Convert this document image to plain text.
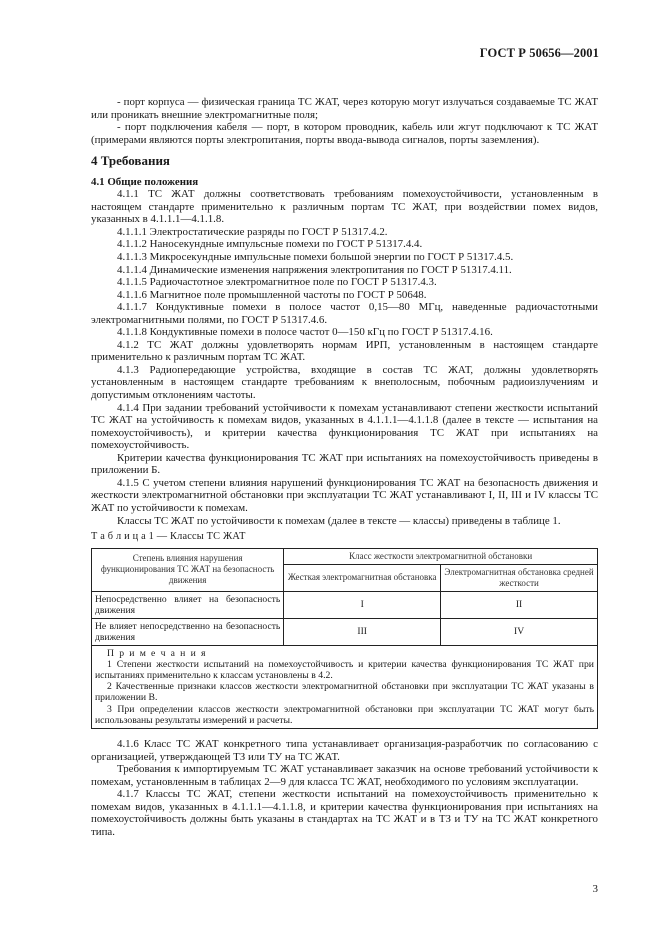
ГОСТ Р 50656—2001

- порт корпуса — физическая граница ТС ЖАТ, через которую могут излучаться создаваемые ТС ЖАТ или проникать внешние электромагнитные поля;

- порт подключения кабеля — порт, в котором проводник, кабель или жгут подключают к ТС ЖАТ (примерами являются порты электропитания, порты ввода-вывода сигналов, порты заземления).

4 Требования

4.1 Общие положения

4.1.1 ТС ЖАТ должны соответствовать требованиям помехоустойчивости, установленным в настоящем стандарте применительно к различным портам ТС ЖАТ, при воздействии помех видов, указанных в 4.1.1.1—4.1.1.8.

4.1.1.1 Электростатические разряды по ГОСТ Р 51317.4.2.

4.1.1.2 Наносекундные импульсные помехи по ГОСТ Р 51317.4.4.

4.1.1.3 Микросекундные импульсные помехи большой энергии по ГОСТ Р 51317.4.5.

4.1.1.4 Динамические изменения напряжения электропитания по ГОСТ Р 51317.4.11.

4.1.1.5 Радиочастотное электромагнитное поле по ГОСТ Р 51317.4.3.

4.1.1.6 Магнитное поле промышленной частоты по ГОСТ Р 50648.

4.1.1.7 Кондуктивные помехи в полосе частот 0,15—80 МГц, наведенные радиочастотными электромагнитными полями, по ГОСТ Р 51317.4.6.

4.1.1.8 Кондуктивные помехи в полосе частот 0—150 кГц по ГОСТ Р 51317.4.16.

4.1.2 ТС ЖАТ должны удовлетворять нормам ИРП, установленным в настоящем стандарте применительно к различным портам ТС ЖАТ.

4.1.3 Радиопередающие устройства, входящие в состав ТС ЖАТ, должны удовлетворять установленным в настоящем стандарте требованиям к внеполосным, побочным радиоизлучениям и допустимым отклонениям частоты.

4.1.4 При задании требований устойчивости к помехам устанавливают степени жесткости испытаний ТС ЖАТ на устойчивость к помехам видов, указанных в 4.1.1.1—4.1.1.8 (далее в тексте — испытания на помехоустойчивость), и критерии качества функционирования ТС ЖАТ при испытаниях на помехоустойчивость.

Критерии качества функционирования ТС ЖАТ при испытаниях на помехоустойчивость приведены в приложении Б.

4.1.5 С учетом степени влияния нарушений функционирования ТС ЖАТ на безопасность движения и жесткости электромагнитной обстановки при эксплуатации ТС ЖАТ устанавливают I, II, III и IV классы ТС ЖАТ по устойчивости к помехам.

Классы ТС ЖАТ по устойчивости к помехам (далее в тексте — классы) приведены в таблице 1.

Т а б л и ц а 1 — Классы ТС ЖАТ

Степень влияния нарушения функционирования ТС ЖАТ на безопасность движения	Класс жесткости электромагнитной обстановки	
	Жесткая электромагнитная обстановка	Электромагнитная обстановка средней жесткости
Непосредственно влияет на безопасность движения	I	II
Не влияет непосредственно на безопасность движения	III	IV

П р и м е ч а н и я
1 Степени жесткости испытаний на помехоустойчивость и критерии качества функционирования ТС ЖАТ при испытаниях применительно к классам установлены в 4.2.
2 Качественные признаки классов жесткости электромагнитной обстановки при эксплуатации ТС ЖАТ указаны в приложении В.
3 При определении классов жесткости электромагнитной обстановки при эксплуатации ТС ЖАТ могут быть использованы результаты измерений и расчеты.		

4.1.6 Класс ТС ЖАТ конкретного типа устанавливает организация-разработчик по согласованию с организацией, утверждающей ТЗ или ТУ на ТС ЖАТ.

Требования к импортируемым ТС ЖАТ устанавливает заказчик на основе требований устойчивости к помехам, установленным в таблицах 2—9 для класса ТС ЖАТ, необходимого по условиям эксплуатации.

4.1.7 Классы ТС ЖАТ, степени жесткости испытаний на помехоустойчивость применительно к помехам видов, указанных в 4.1.1.1—4.1.1.8, и критерии качества функционирования при испытаниях на помехоустойчивость должны быть указаны в стандартах на ТС ЖАТ и в ТЗ и ТУ на ТС ЖАТ конкретного типа.

3
